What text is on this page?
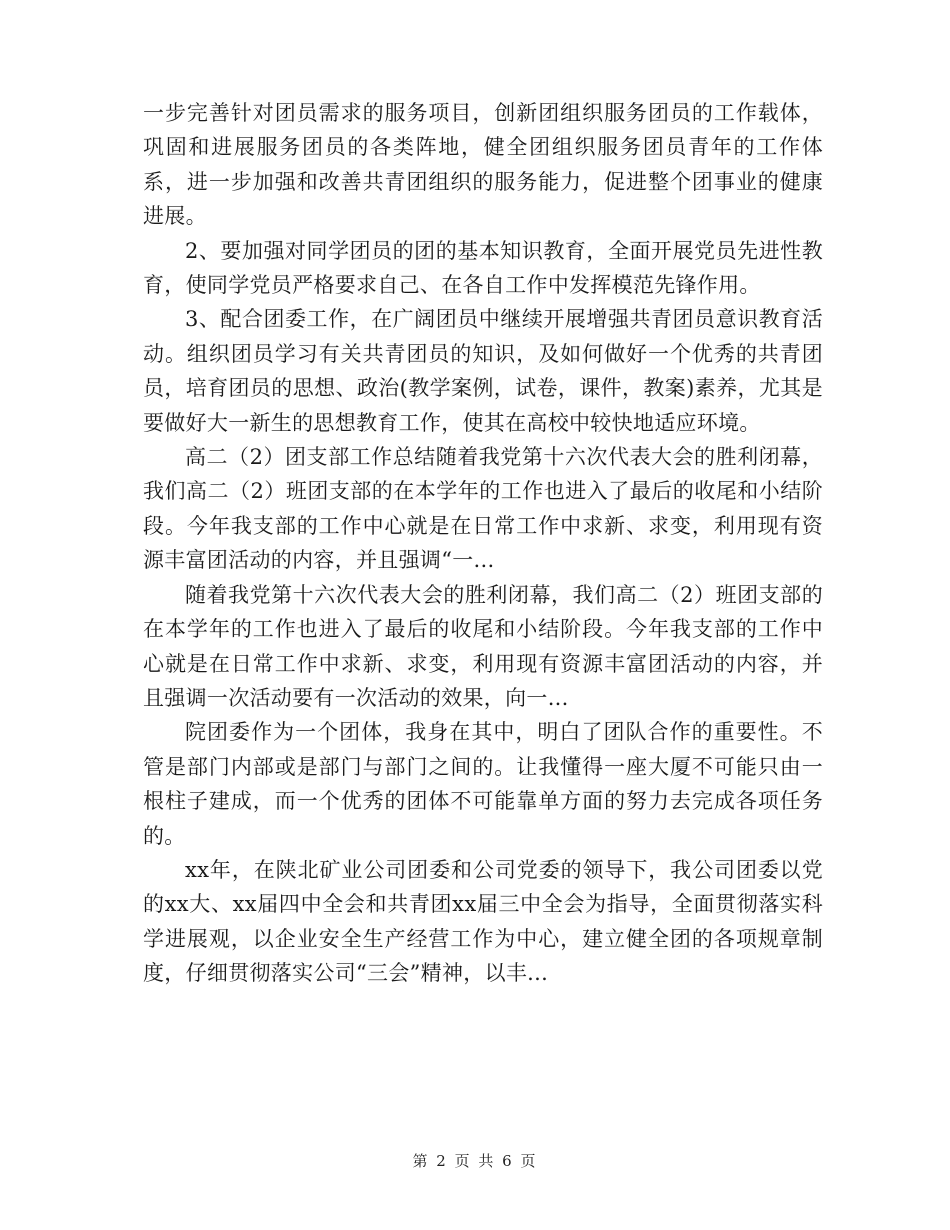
一步完善针对团员需求的服务项目，创新团组织服务团员的工作载体，巩固和进展服务团员的各类阵地，健全团组织服务团员青年的工作体系，进一步加强和改善共青团组织的服务能力，促进整个团事业的健康进展。

2、要加强对同学团员的团的基本知识教育，全面开展党员先进性教育，使同学党员严格要求自己、在各自工作中发挥模范先锋作用。

3、配合团委工作，在广阔团员中继续开展增强共青团员意识教育活动。组织团员学习有关共青团员的知识，及如何做好一个优秀的共青团员，培育团员的思想、政治(教学案例，试卷，课件，教案)素养，尤其是要做好大一新生的思想教育工作，使其在高校中较快地适应环境。

高二（2）团支部工作总结随着我党第十六次代表大会的胜利闭幕，我们高二（2）班团支部的在本学年的工作也进入了最后的收尾和小结阶段。今年我支部的工作中心就是在日常工作中求新、求变，利用现有资源丰富团活动的内容，并且强调“一...

随着我党第十六次代表大会的胜利闭幕，我们高二（2）班团支部的在本学年的工作也进入了最后的收尾和小结阶段。今年我支部的工作中心就是在日常工作中求新、求变，利用现有资源丰富团活动的内容，并且强调一次活动要有一次活动的效果，向一...

院团委作为一个团体，我身在其中，明白了团队合作的重要性。不管是部门内部或是部门与部门之间的。让我懂得一座大厦不可能只由一根柱子建成，而一个优秀的团体不可能靠单方面的努力去完成各项任务的。

xx年，在陕北矿业公司团委和公司党委的领导下，我公司团委以党的xx大、xx届四中全会和共青团xx届三中全会为指导，全面贯彻落实科学进展观，以企业安全生产经营工作为中心，建立健全团的各项规章制度，仔细贯彻落实公司“三会”精神，以丰...

第 2 页 共 6 页
